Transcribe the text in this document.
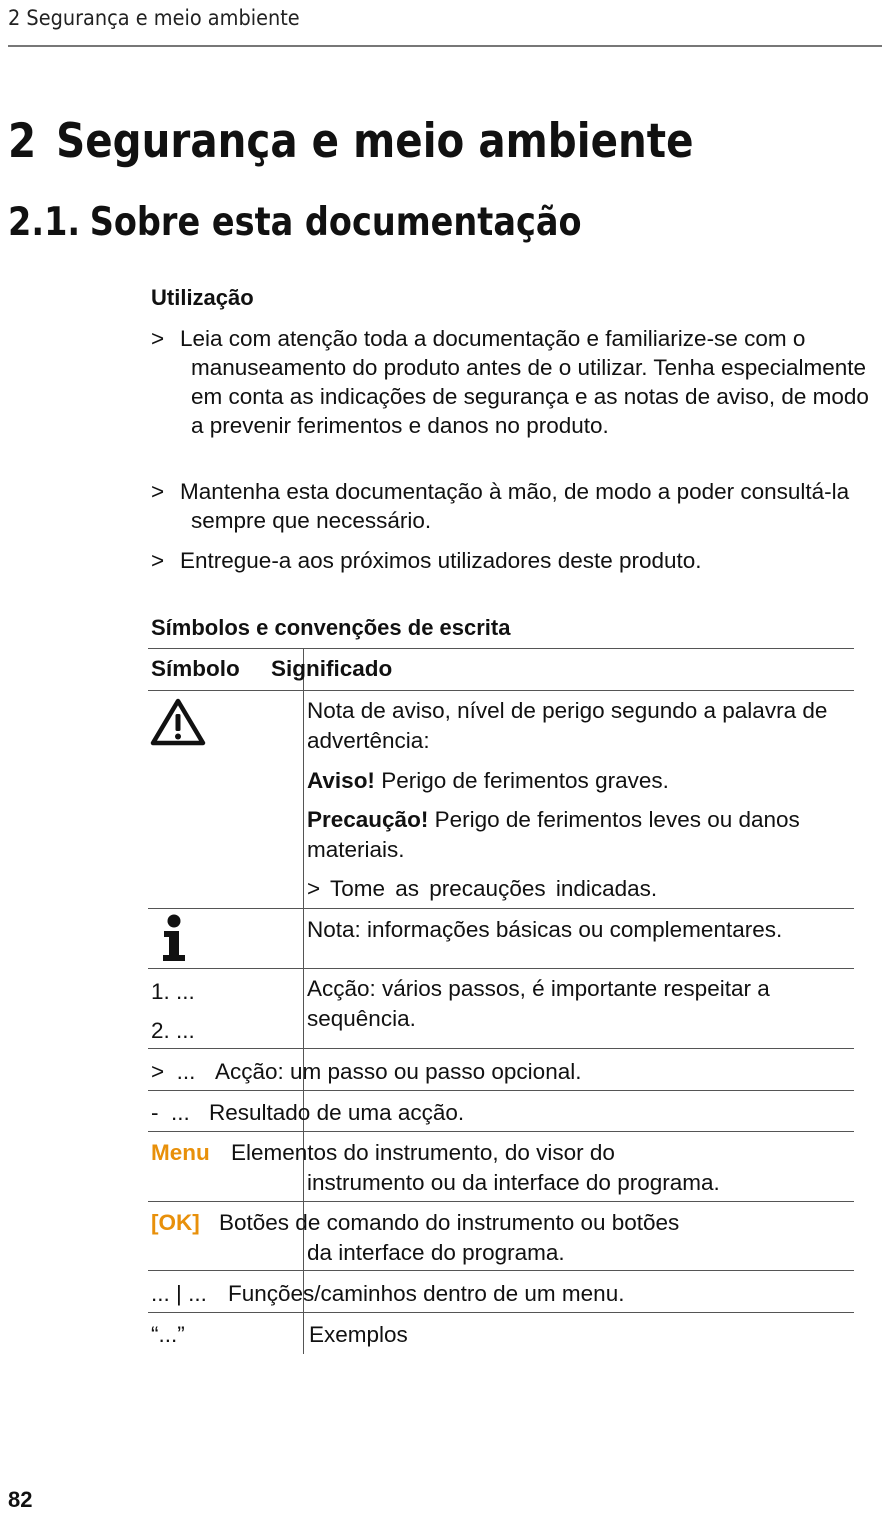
2 Segurança e meio ambiente
2 Segurança e meio ambiente
2.1. Sobre esta documentação
Utilização
> Leia com atenção toda a documentação e familiarize-se com o manuseamento do produto antes de o utilizar. Tenha especialmente em conta as indicações de segurança e as notas de aviso, de modo a prevenir ferimentos e danos no produto.
> Mantenha esta documentação à mão, de modo a poder consultá-la sempre que necessário.
> Entregue-a aos próximos utilizadores deste produto.
Símbolos e convenções de escrita
Símbolo Significado
Nota de aviso, nível de perigo segundo a palavra de advertência:
Aviso! Perigo de ferimentos graves.
Precaução! Perigo de ferimentos leves ou danos materiais.
> Tome as precauções indicadas.
Nota: informações básicas ou complementares.
1. ...
2. ...
Acção: vários passos, é importante respeitar a
sequência.
>  ... Acção: um passo ou passo opcional.
-  ... Resultado de uma acção.
Menu Elementos do instrumento, do visor do
instrumento ou da interface do programa.
[OK] Botões de comando do instrumento ou botões
da interface do programa.
... | ... Funções/caminhos dentro de um menu.
“...”	Exemplos
82
